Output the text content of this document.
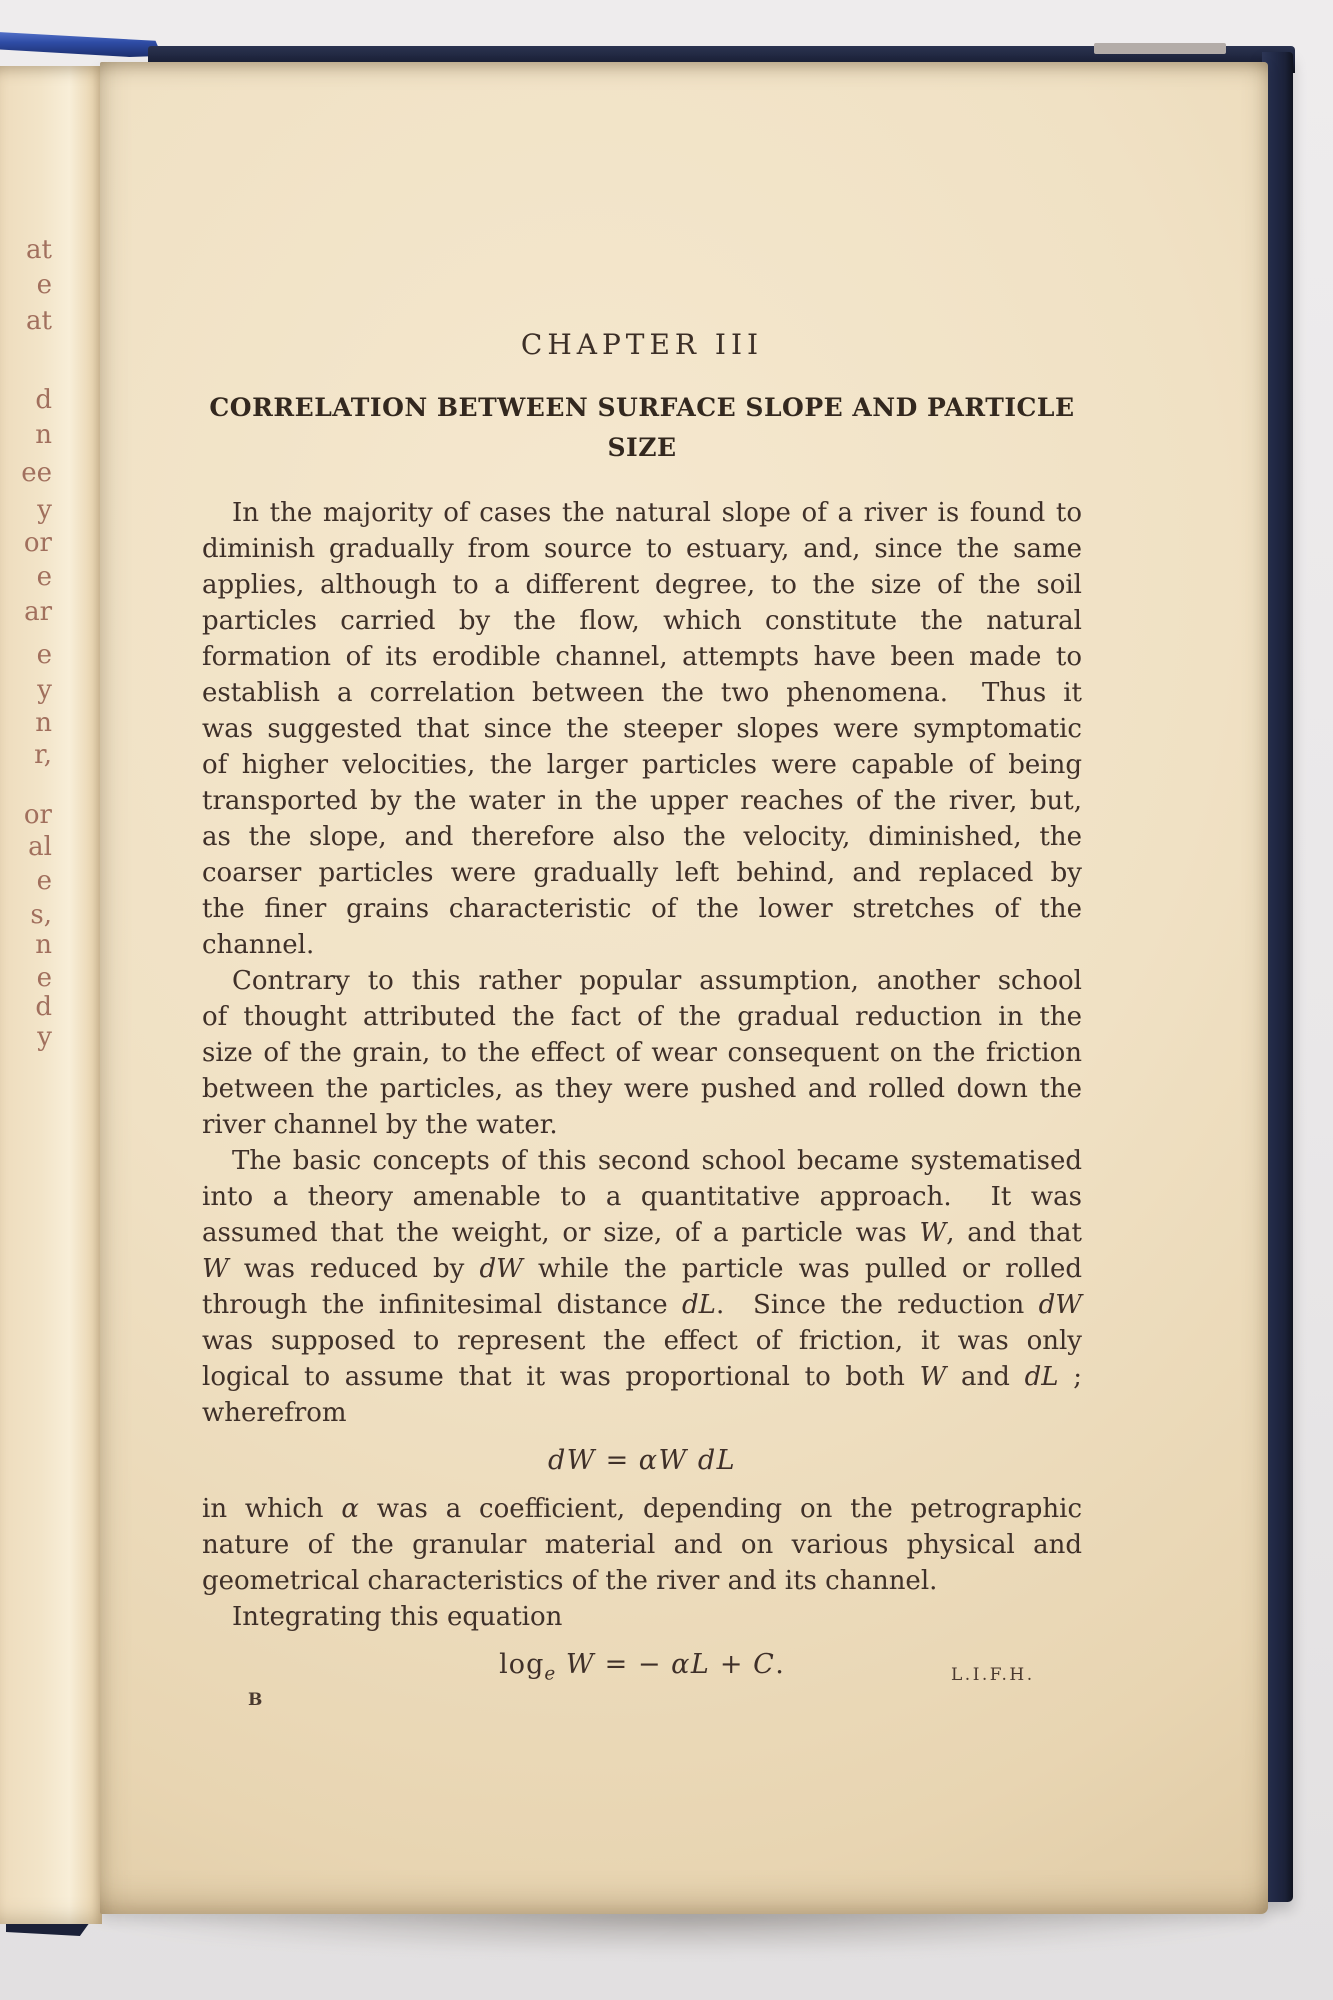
at
e
at
d
n
ee
y
or
e
ar
e
y
n
r,
or
al
e
s,
n
e
d
y
CHAPTER III
CORRELATION BETWEEN SURFACE SLOPE AND PARTICLE
SIZE
In the majority of cases the natural slope of a river is found to
diminish gradually from source to estuary, and, since the same
applies, although to a different degree, to the size of the soil
particles carried by the flow, which constitute the natural
formation of its erodible channel, attempts have been made to
establish a correlation between the two phenomena.  Thus it
was suggested that since the steeper slopes were symptomatic
of higher velocities, the larger particles were capable of being
transported by the water in the upper reaches of the river, but,
as the slope, and therefore also the velocity, diminished, the
coarser particles were gradually left behind, and replaced by
the finer grains characteristic of the lower stretches of the
channel.
Contrary to this rather popular assumption, another school
of thought attributed the fact of the gradual reduction in the
size of the grain, to the effect of wear consequent on the friction
between the particles, as they were pushed and rolled down the
river channel by the water.
The basic concepts of this second school became systematised
into a theory amenable to a quantitative approach.  It was
assumed that the weight, or size, of a particle was W, and that
W was reduced by dW while the particle was pulled or rolled
through the infinitesimal distance dL.  Since the reduction dW
was supposed to represent the effect of friction, it was only
logical to assume that it was proportional to both W and dL ;
wherefrom
dW = αW dL
in which α was a coefficient, depending on the petrographic
nature of the granular material and on various physical and
geometrical characteristics of the river and its channel.
Integrating this equation
$\log_e W$ = − αL + C.
B
L.I.F.H.
